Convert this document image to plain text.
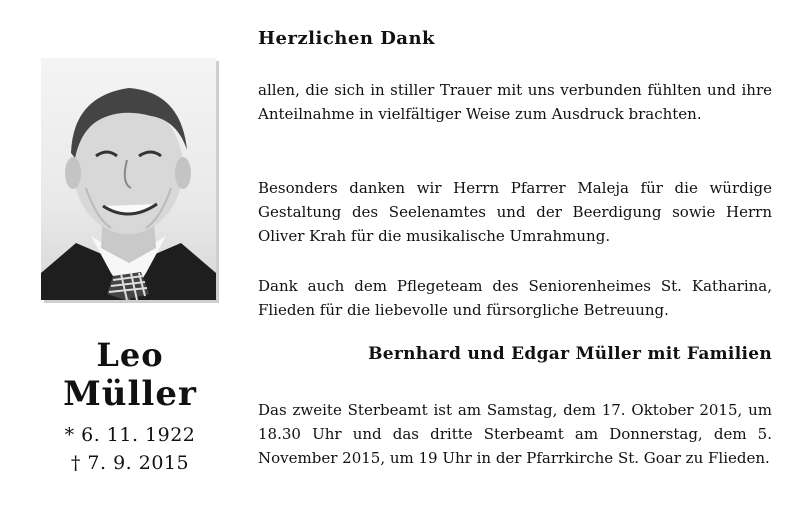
Leo
Müller
* 6. 11. 1922
† 7. 9. 2015
Herzlichen Dank
allen, die sich in stiller Trauer mit uns verbunden fühlten und ihre Anteilnahme in vielfältiger Weise zum Ausdruck brachten.
Besonders danken wir Herrn Pfarrer Maleja für die würdige Gestaltung des Seelenamtes und der Beerdigung sowie Herrn Oliver Krah für die musikalische Umrahmung.
Dank auch dem Pflegeteam des Seniorenheimes St. Katharina, Flieden für die liebevolle und fürsorgliche Betreuung.
Bernhard und Edgar Müller mit Familien
Das zweite Sterbeamt ist am Samstag, dem 17. Oktober 2015, um 18.30 Uhr und das dritte Sterbeamt am Donnerstag, dem 5. November 2015, um 19 Uhr in der Pfarrkirche St. Goar zu Flieden.
